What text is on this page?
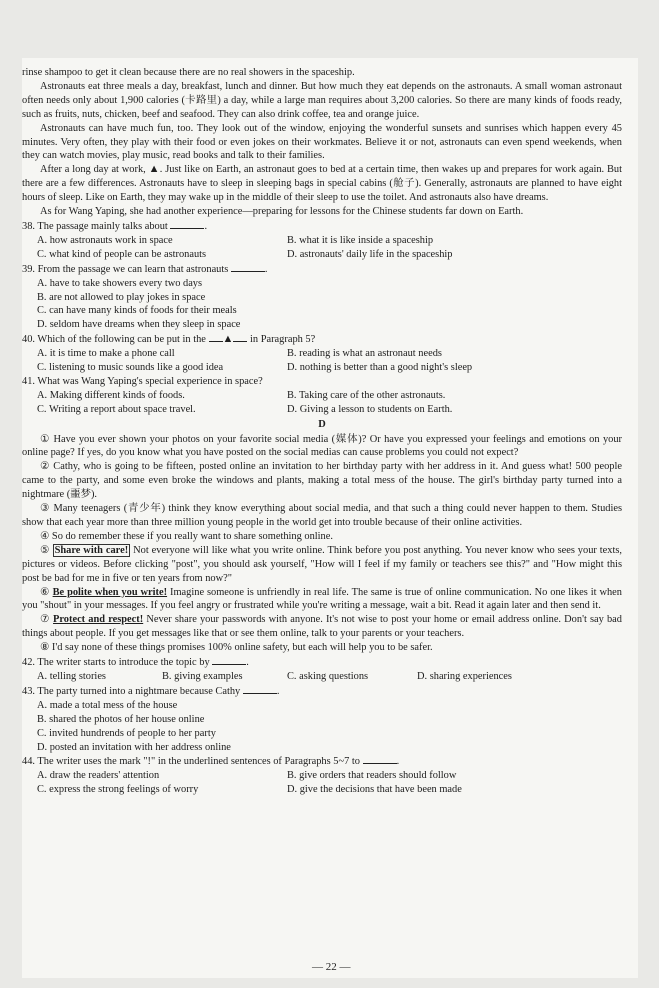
rinse shampoo to get it clean because there are no real showers in the spaceship.

Astronauts eat three meals a day, breakfast, lunch and dinner. But how much they eat depends on the astronauts. A small woman astronaut often needs only about 1,900 calories (卡路里) a day, while a large man requires about 3,200 calories. So there are many kinds of foods ready, such as fruits, nuts, chicken, beef and seafood. They can also drink coffee, tea and orange juice.

Astronauts can have much fun, too. They look out of the window, enjoying the wonderful sunsets and sunrises which happen every 45 minutes. Very often, they play with their food or even jokes on their workmates. Believe it or not, astronauts can even spend weekends, when they can watch movies, play music, read books and talk to their families.

After a long day at work, ▲. Just like on Earth, an astronaut goes to bed at a certain time, then wakes up and prepares for work again. But there are a few differences. Astronauts have to sleep in sleeping bags in special cabins (舱子). Generally, astronauts are planned to have eight hours of sleep. Like on Earth, they may wake up in the middle of their sleep to use the toilet. And astronauts also have dreams.

As for Wang Yaping, she had another experience—preparing for lessons for the Chinese students far down on Earth.

38. The passage mainly talks about	.
A. how astronauts work in space	B. what it is like inside a spaceship
C. what kind of people can be astronauts	D. astronauts' daily life in the spaceship
39. From the passage we can learn that astronauts	.
A. have to take showers every two days
B. are not allowed to play jokes in space
C. can have many kinds of foods for their meals
D. seldom have dreams when they sleep in space
40. Which of the following can be put in the ▲ in Paragraph 5?
A. it is time to make a phone call	B. reading is what an astronaut needs
C. listening to music sounds like a good idea	D. nothing is better than a good night's sleep
41. What was Wang Yaping's special experience in space?
A. Making different kinds of foods.	B. Taking care of the other astronauts.
C. Writing a report about space travel.	D. Giving a lesson to students on Earth.
D

① Have you ever shown your photos on your favorite social media (媒体)? Or have you expressed your feelings and emotions on your online page? If yes, do you know what you have posted on the social medias can cause problems you could not expect?

② Cathy, who is going to be fifteen, posted online an invitation to her birthday party with her address in it. And guess what! 500 people came to the party, and some even broke the windows and plants, making a total mess of the house. The girl's birthday party turned into a nightmare (噩梦).

③ Many teenagers (青少年) think they know everything about social media, and that such a thing could never happen to them. Studies show that each year more than three million young people in the world get into trouble because of their online activities.

④ So do remember these if you really want to share something online.

⑤ Share with care! Not everyone will like what you write online. Think before you post anything. You never know who sees your texts, pictures or videos. Before clicking "post", you should ask yourself, "How will I feel if my family or teachers see this?" and "How might this post be bad for me in five or ten years from now?"

⑥ Be polite when you write! Imagine someone is unfriendly in real life. The same is true of online communication. No one likes it when you "shout" in your messages. If you feel angry or frustrated while you're writing a message, wait a bit. Read it again later and then send it.

⑦ Protect and respect! Never share your passwords with anyone. It's not wise to post your home or email address online. Don't say bad things about people. If you get messages like that or see them online, talk to your parents or your teachers.

⑧ I'd say none of these things promises 100% online safety, but each will help you to be safer.

42. The writer starts to introduce the topic by	.
A. telling stories	B. giving examples	C. asking questions	D. sharing experiences
43. The party turned into a nightmare because Cathy	.
A. made a total mess of the house
B. shared the photos of her house online
C. invited hundrends of people to her party
D. posted an invitation with her address online
44. The writer uses the mark "!" in the underlined sentences of Paragraphs 5~7 to	.
A. draw the readers' attention	B. give orders that readers should follow
C. express the strong feelings of worry	D. give the decisions that have been made
— 22 —
